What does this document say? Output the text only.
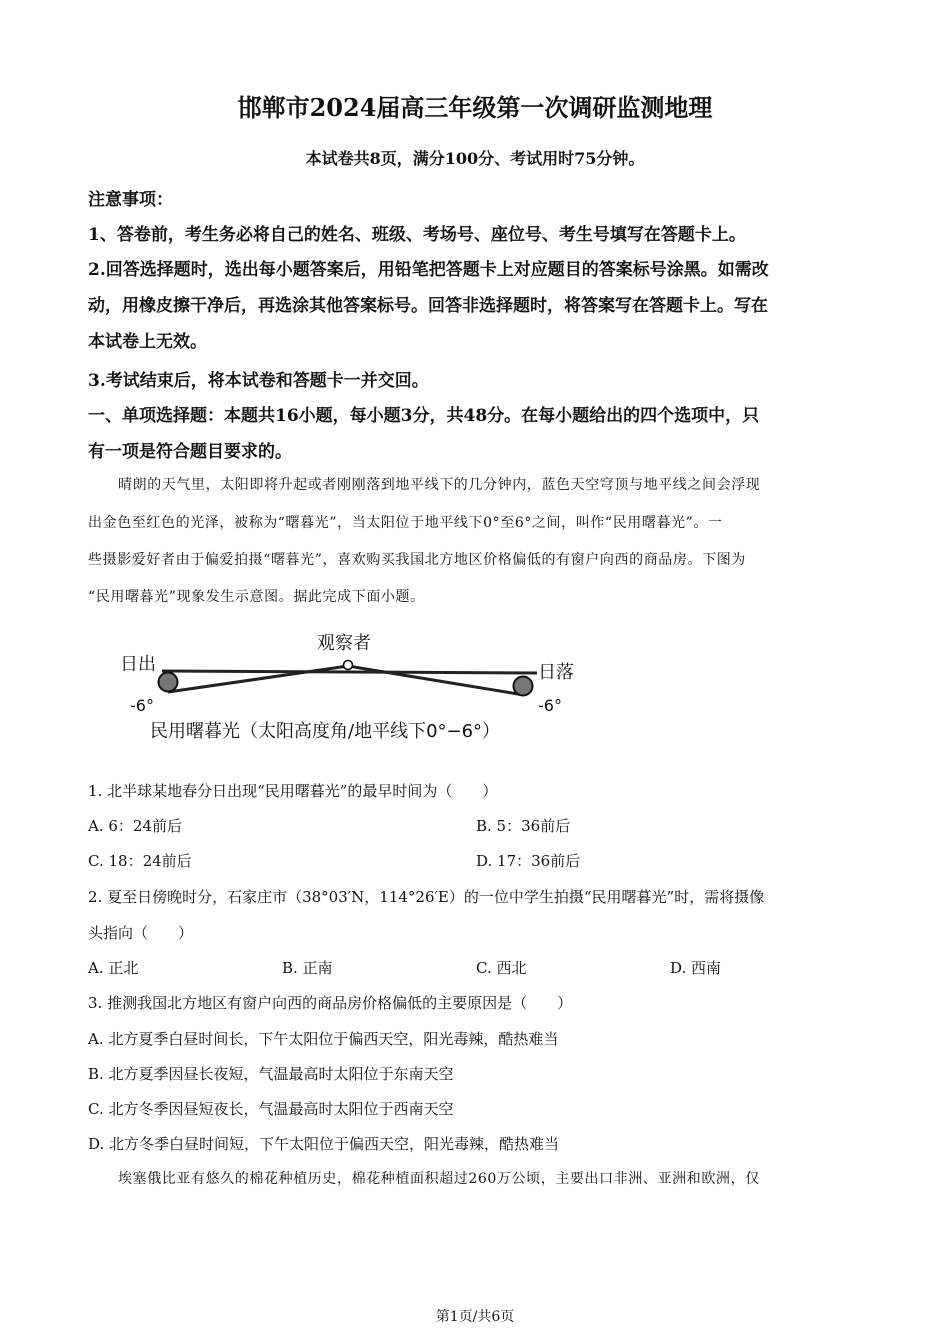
邯郸市2024届高三年级第一次调研监测地理
本试卷共8页，满分100分、考试用时75分钟。
注意事项：
1、答卷前，考生务必将自己的姓名、班级、考场号、座位号、考生号填写在答题卡上。
2.回答选择题时，选出每小题答案后，用铅笔把答题卡上对应题目的答案标号涂黑。如需改
动，用橡皮擦干净后，再选涂其他答案标号。回答非选择题时，将答案写在答题卡上。写在
本试卷上无效。
3.考试结束后，将本试卷和答题卡一并交回。
一、单项选择题：本题共16小题，每小题3分，共48分。在每小题给出的四个选项中，只
有一项是符合题目要求的。
晴朗的天气里，太阳即将升起或者刚刚落到地平线下的几分钟内，蓝色天空穹顶与地平线之间会浮现
出金色至红色的光泽，被称为“曙暮光”，当太阳位于地平线下0°至6°之间，叫作“民用曙暮光”。一
些摄影爱好者由于偏爱拍摄“曙暮光”，喜欢购买我国北方地区价格偏低的有窗户向西的商品房。下图为
“民用曙暮光”现象发生示意图。据此完成下面小题。
观察者
日出	日落
-6°	-6°
民用曙暮光（太阳高度角/地平线下0°−6°）
1. 北半球某地春分日出现“民用曙暮光”的最早时间为（　　）
A. 6：24前后	B. 5：36前后
C. 18：24前后	D. 17：36前后
2. 夏至日傍晚时分，石家庄市（38°03′N，114°26′E）的一位中学生拍摄“民用曙暮光”时，需将摄像
头指向（　　）
A. 正北	B. 正南	C. 西北	D. 西南
3. 推测我国北方地区有窗户向西的商品房价格偏低的主要原因是（　　）
A. 北方夏季白昼时间长，下午太阳位于偏西天空，阳光毒辣，酷热难当
B. 北方夏季因昼长夜短，气温最高时太阳位于东南天空
C. 北方冬季因昼短夜长，气温最高时太阳位于西南天空
D. 北方冬季白昼时间短，下午太阳位于偏西天空，阳光毒辣，酷热难当
埃塞俄比亚有悠久的棉花种植历史，棉花种植面积超过260万公顷，主要出口非洲、亚洲和欧洲，仅
第1页/共6页
